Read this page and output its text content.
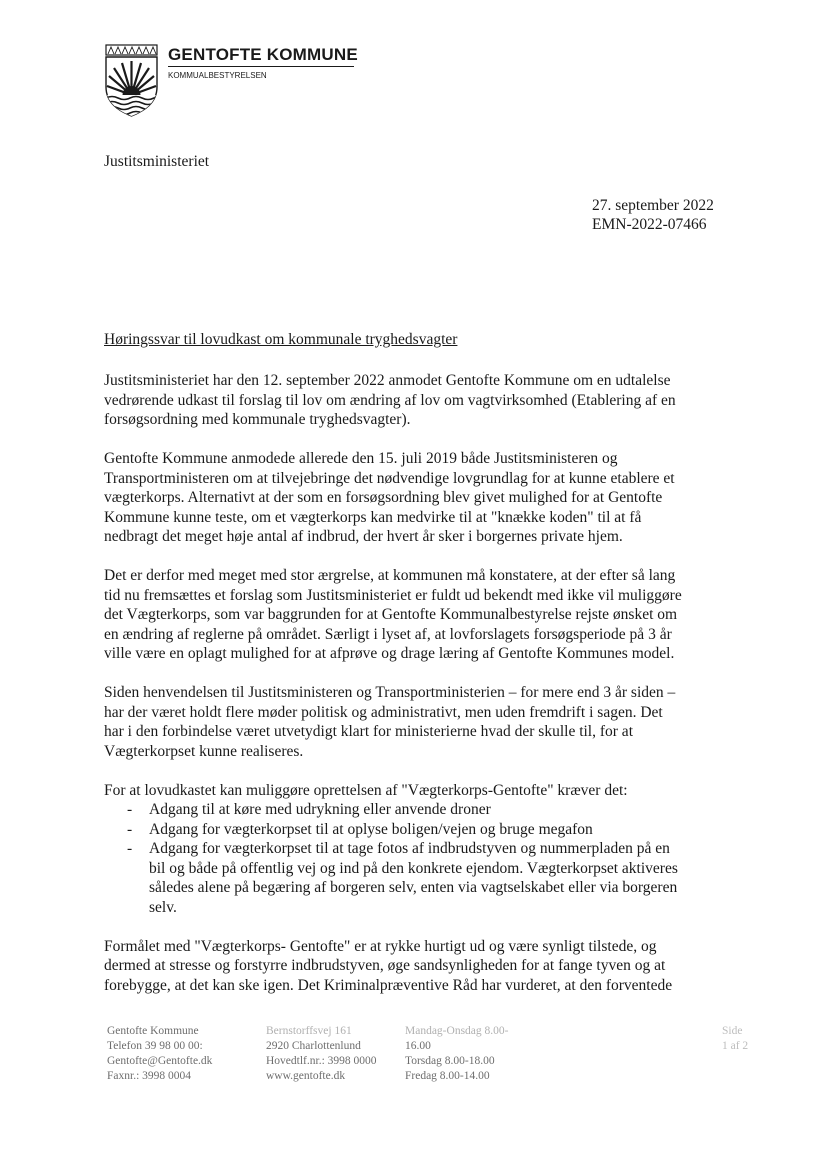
GENTOFTE KOMMUNE
KOMMUALBESTYRELSEN
Justitsministeriet
27. september 2022
EMN-2022-07466
Høringssvar til lovudkast om kommunale tryghedsvagter

Justitsministeriet har den 12. september 2022 anmodet Gentofte Kommune om en udtalelse
vedrørende udkast til forslag til lov om ændring af lov om vagtvirksomhed (Etablering af en
forsøgsordning med kommunale tryghedsvagter).

Gentofte Kommune anmodede allerede den 15. juli 2019 både Justitsministeren og
Transportministeren om at tilvejebringe det nødvendige lovgrundlag for at kunne etablere et
vægterkorps. Alternativt at der som en forsøgsordning blev givet mulighed for at Gentofte
Kommune kunne teste, om et vægterkorps kan medvirke til at "knække koden" til at få
nedbragt det meget høje antal af indbrud, der hvert år sker i borgernes private hjem.

Det er derfor med meget med stor ærgrelse, at kommunen må konstatere, at der efter så lang
tid nu fremsættes et forslag som Justitsministeriet er fuldt ud bekendt med ikke vil muliggøre
det Vægterkorps, som var baggrunden for at Gentofte Kommunalbestyrelse rejste ønsket om
en ændring af reglerne på området. Særligt i lyset af, at lovforslagets forsøgsperiode på 3 år
ville være en oplagt mulighed for at afprøve og drage læring af Gentofte Kommunes model.

Siden henvendelsen til Justitsministeren og Transportministerien – for mere end 3 år siden –
har der været holdt flere møder politisk og administrativt, men uden fremdrift i sagen. Det
har i den forbindelse været utvetydigt klart for ministerierne hvad der skulle til, for at
Vægterkorpset kunne realiseres.

For at lovudkastet kan muliggøre oprettelsen af "Vægterkorps-Gentofte" kræver det:

- Adgang til at køre med udrykning eller anvende droner
- Adgang for vægterkorpset til at oplyse boligen/vejen og bruge megafon
- Adgang for vægterkorpset til at tage fotos af indbrudstyven og nummerpladen på en
bil og både på offentlig vej og ind på den konkrete ejendom. Vægterkorpset aktiveres
således alene på begæring af borgeren selv, enten via vagtselskabet eller via borgeren
selv.

Formålet med "Vægterkorps- Gentofte" er at rykke hurtigt ud og være synligt tilstede, og
dermed at stresse og forstyrre indbrudstyven, øge sandsynligheden for at fange tyven og at
forebygge, at det kan ske igen. Det Kriminalpræventive Råd har vurderet, at den forventede

Gentofte Kommune
Telefon 39 98 00 00:
Gentofte@Gentofte.dk
Faxnr.: 3998 0004
Bernstorffsvej 161
2920 Charlottenlund
Hovedtlf.nr.: 3998 0000
www.gentofte.dk
Mandag-Onsdag 8.00-
16.00
Torsdag 8.00-18.00
Fredag 8.00-14.00
Side
1 af 2
